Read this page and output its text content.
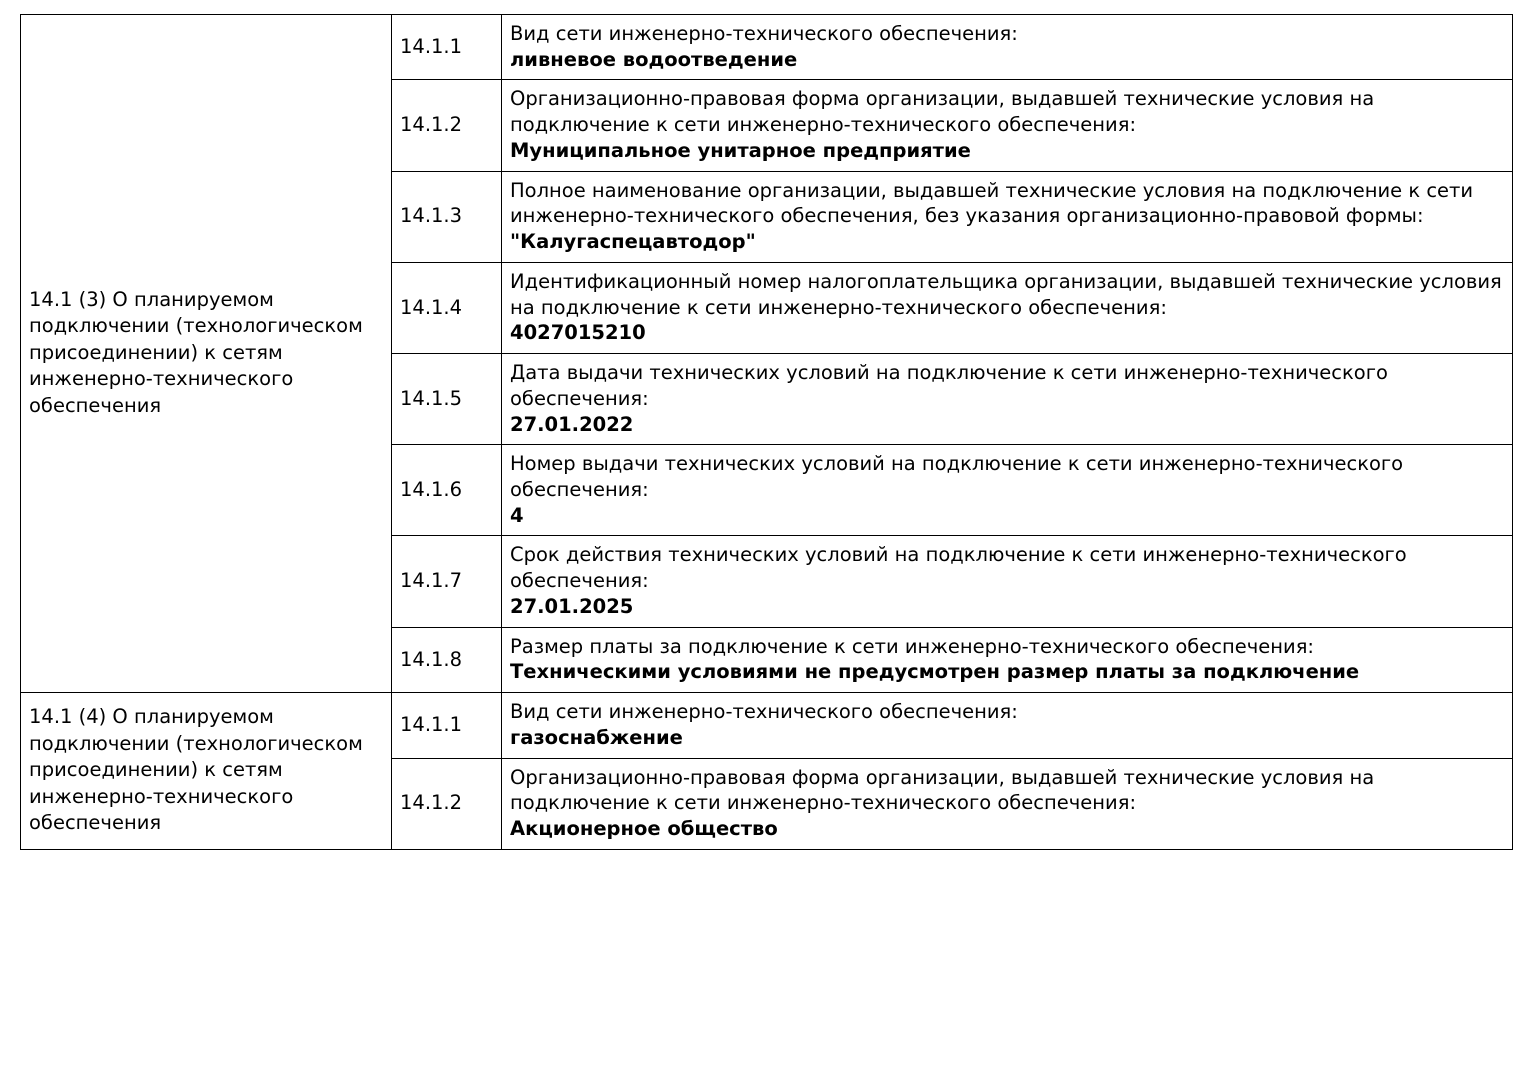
14.1 (3) О планируемом подключении (технологическом присоединении) к сетям инженерно-технического обеспечения	14.1.1	Вид сети инженерно-технического обеспечения:
ливневое водоотведение

	14.1.2	Организационно-правовая форма организации, выдавшей технические условия на подключение к сети инженерно-технического обеспечения:
Муниципальное унитарное предприятие

	14.1.3	Полное наименование организации, выдавшей технические условия на подключение к сети инженерно-технического обеспечения, без указания организационно-правовой формы:
"Калугаспецавтодор"

	14.1.4	Идентификационный номер налогоплательщика организации, выдавшей технические условия на подключение к сети инженерно-технического обеспечения:
4027015210

	14.1.5	Дата выдачи технических условий на подключение к сети инженерно-технического обеспечения:
27.01.2022

	14.1.6	Номер выдачи технических условий на подключение к сети инженерно-технического обеспечения:
4

	14.1.7	Срок действия технических условий на подключение к сети инженерно-технического обеспечения:
27.01.2025

	14.1.8	Размер платы за подключение к сети инженерно-технического обеспечения:
Техническими условиями не предусмотрен размер платы за подключение

14.1 (4) О планируемом подключении (технологическом присоединении) к сетям инженерно-технического обеспечения	14.1.1	Вид сети инженерно-технического обеспечения:
газоснабжение

	14.1.2	Организационно-правовая форма организации, выдавшей технические условия на подключение к сети инженерно-технического обеспечения:
Акционерное общество
